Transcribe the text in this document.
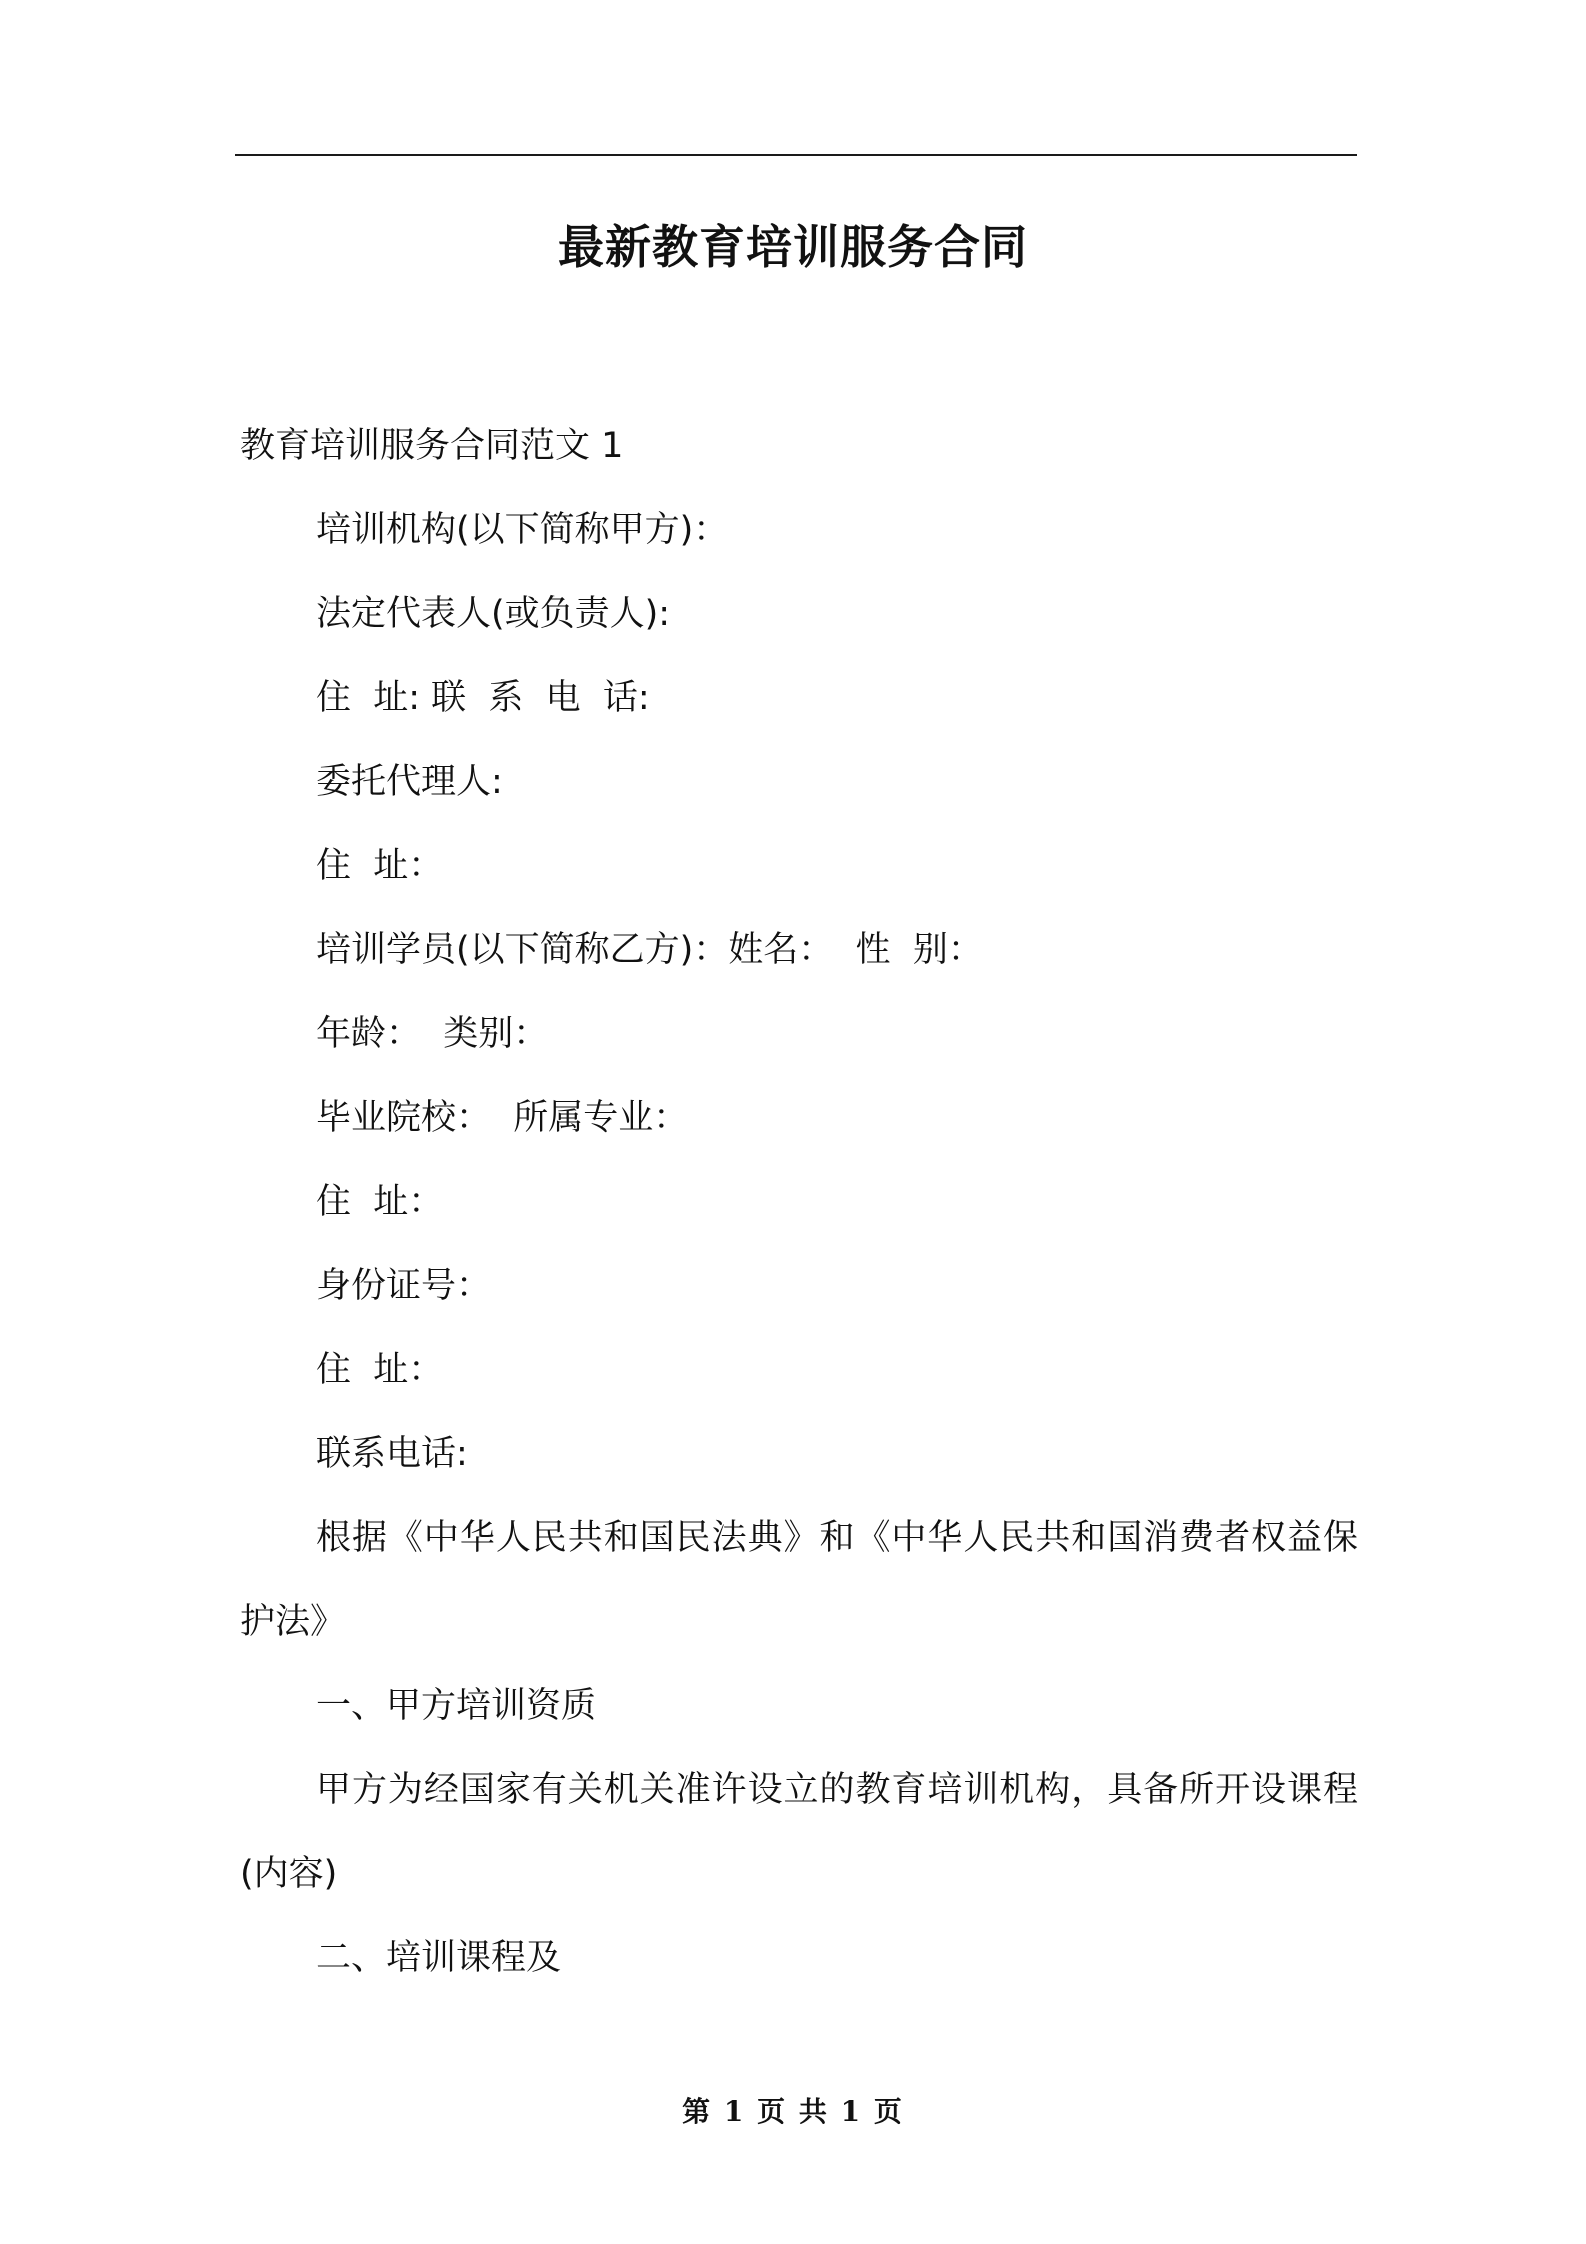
最新教育培训服务合同

教育培训服务合同范文 1

培训机构(以下简称甲方)：

法定代表人(或负责人):

住  址: 联  系  电  话:

委托代理人:

住  址：

培训学员(以下简称乙方)：姓名：  性  别：

年龄：  类别：

毕业院校：  所属专业：

住  址：

身份证号：

住  址：

联系电话:

根据《中华人民共和国民法典》和《中华人民共和国消费者权益保护法》

一、甲方培训资质

甲方为经国家有关机关准许设立的教育培训机构，具备所开设课程(内容)

二、培训课程及

第 1 页 共 1 页
